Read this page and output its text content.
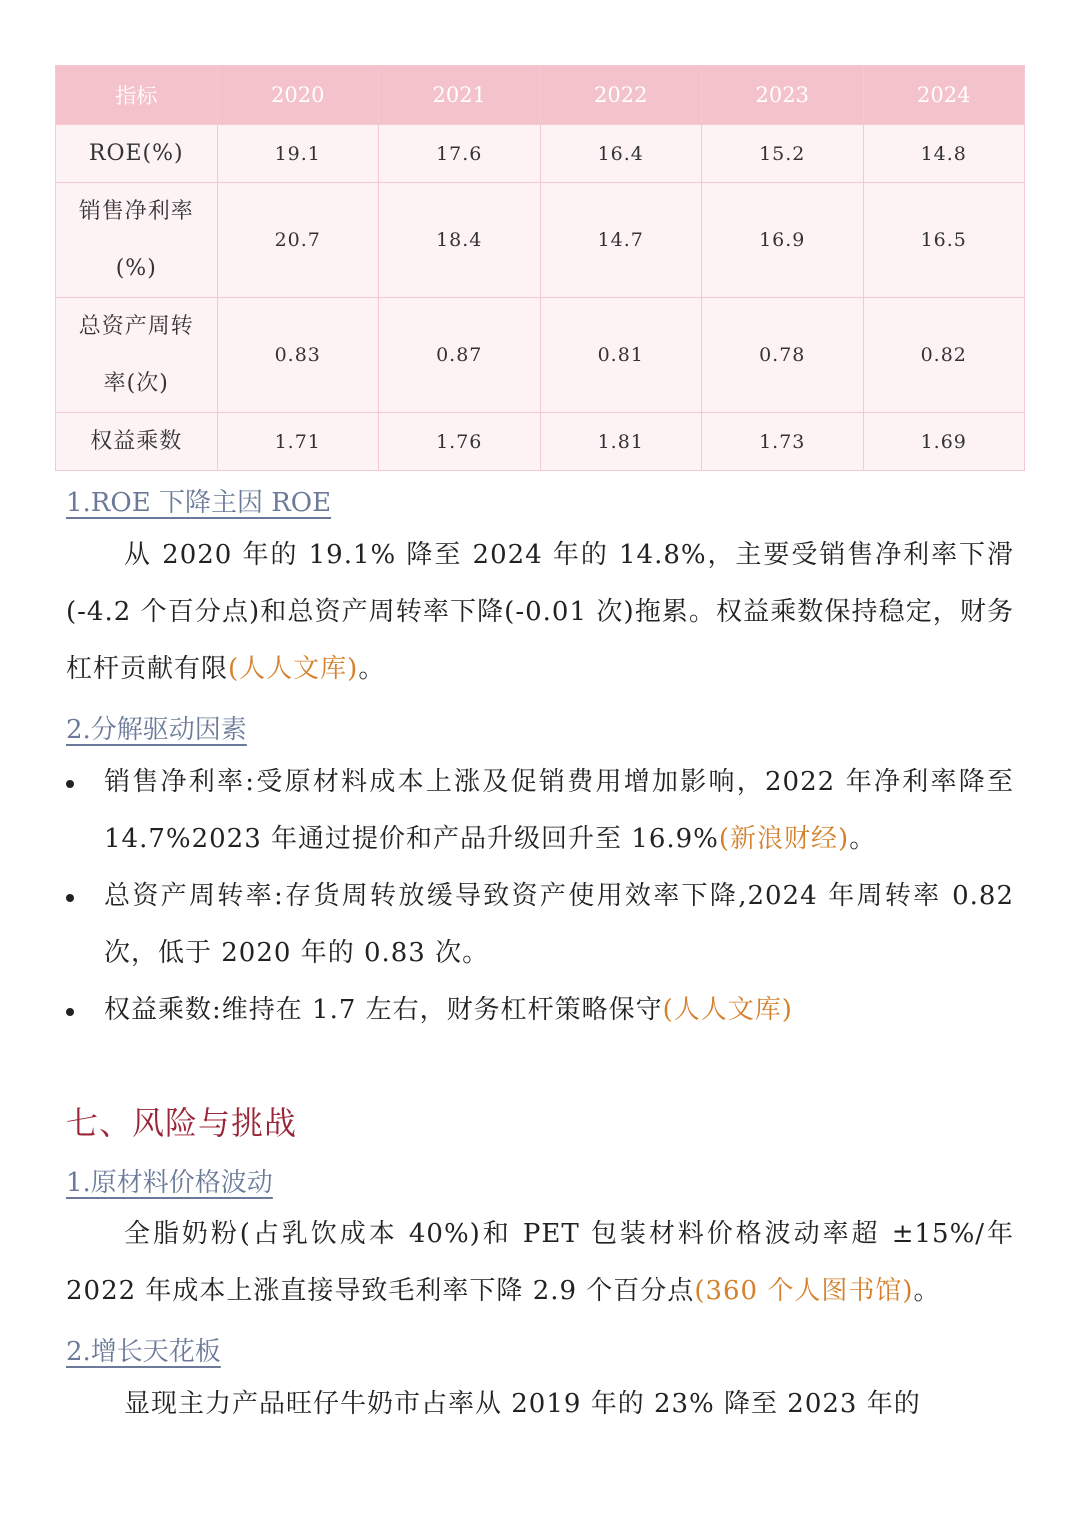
指标	2020	2021	2022	2023	2024
ROE(%)	19.1	17.6	16.4	15.2	14.8
销售净利率(%)	20.7	18.4	14.7	16.9	16.5
总资产周转率(次)	0.83	0.87	0.81	0.78	0.82
权益乘数	1.71	1.76	1.81	1.73	1.69
1.ROE 下降主因 ROE

从 2020 年的 19.1% 降至 2024 年的 14.8%，主要受销售净利率下滑(-4.2 个百分点)和总资产周转率下降(-0.01 次)拖累。权益乘数保持稳定，财务杠杆贡献有限(人人文库)。

2.分解驱动因素
销售净利率:受原材料成本上涨及促销费用增加影响，2022 年净利率降至 14.7%2023 年通过提价和产品升级回升至 16.9%(新浪财经)。
总资产周转率:存货周转放缓导致资产使用效率下降,2024 年周转率 0.82 次，低于 2020 年的 0.83 次。
权益乘数:维持在 1.7 左右，财务杠杆策略保守(人人文库)
七、风险与挑战
1.原材料价格波动

全脂奶粉(占乳饮成本 40%)和 PET 包装材料价格波动率超 ±15%/年 2022 年成本上涨直接导致毛利率下降 2.9 个百分点(360 个人图书馆)。

2.增长天花板

显现主力产品旺仔牛奶市占率从 2019 年的 23% 降至 2023 年的
